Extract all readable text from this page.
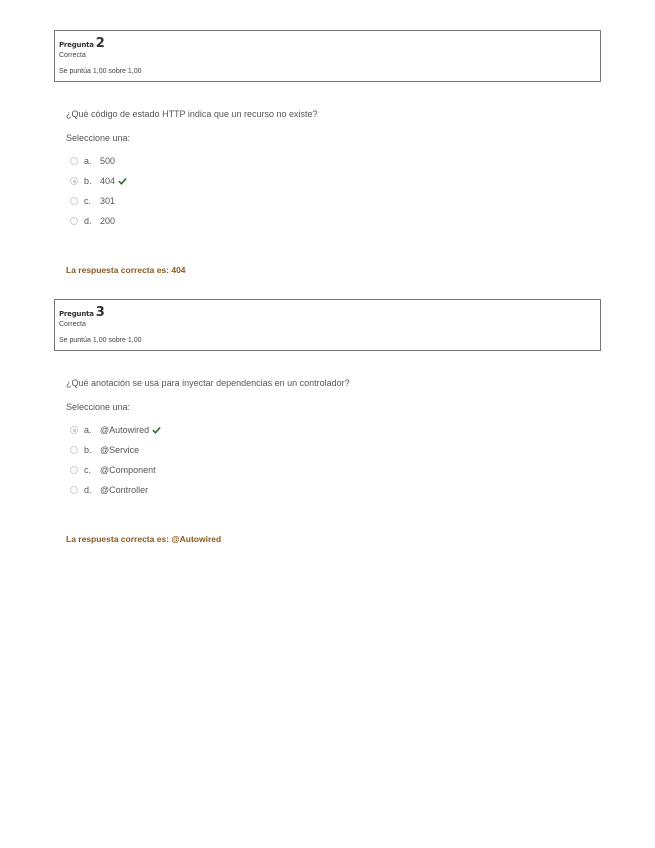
Pregunta 2
Correcta
Se puntúa 1,00 sobre 1,00
¿Qué código de estado HTTP indica que un recurso no existe?
Seleccione una:
a. 500
b. 404
c. 301
d. 200
La respuesta correcta es: 404
Pregunta 3
Correcta
Se puntúa 1,00 sobre 1,00
¿Qué anotación se usa para inyectar dependencias en un controlador?
Seleccione una:
a. @Autowired
b. @Service
c. @Component
d. @Controller
La respuesta correcta es: @Autowired
